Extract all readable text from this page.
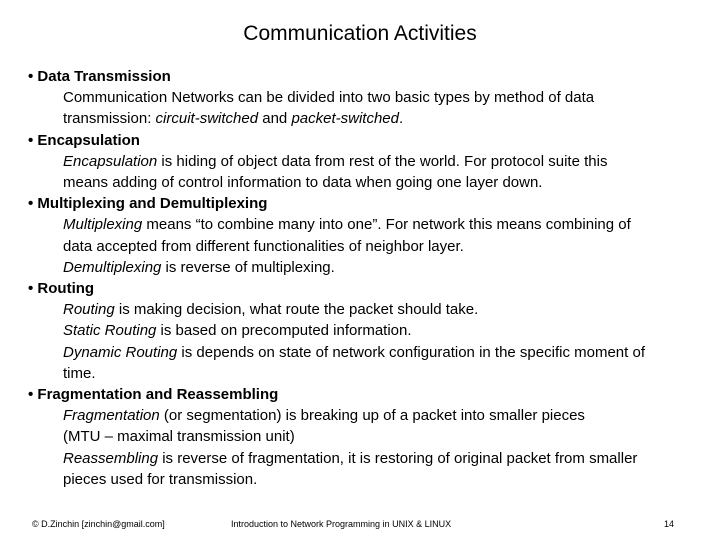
Communication Activities
• Data Transmission
Communication Networks can be divided into two basic types by method of data
transmission: circuit-switched and packet-switched.
• Encapsulation
Encapsulation is hiding of object data from rest of the world. For protocol suite this
means adding of control information to data when going one layer down.
• Multiplexing and Demultiplexing
Multiplexing means “to combine many into one”. For network this means combining of
data accepted from different functionalities of neighbor layer.
Demultiplexing is reverse of multiplexing.
• Routing
Routing is making decision, what route the packet should take.
Static Routing is based on precomputed information.
Dynamic Routing is depends on state of network configuration in the specific moment of
time.
• Fragmentation and Reassembling
Fragmentation (or segmentation) is breaking up of a packet into smaller pieces
(MTU – maximal transmission unit)
Reassembling is reverse of fragmentation, it is restoring of original packet from smaller
pieces used for transmission.
© D.Zinchin [zinchin@gmail.com]	Introduction to Network Programming in UNIX & LINUX	14
